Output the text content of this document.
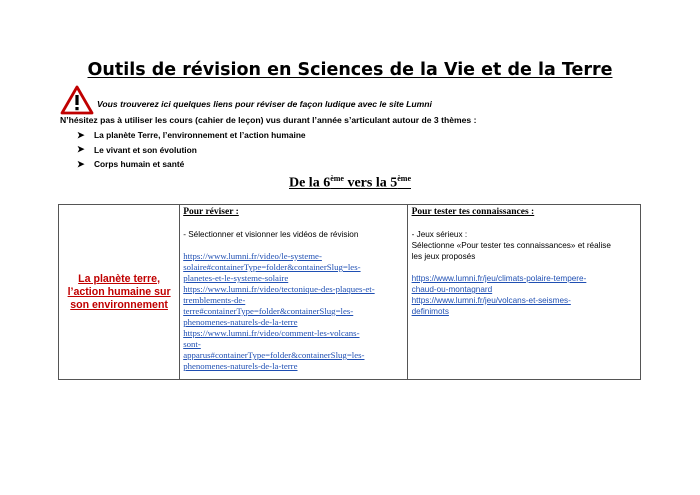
Outils de révision en Sciences de la Vie et de la Terre
Vous trouverez ici quelques liens pour réviser de façon ludique avec le site Lumni
N’hésitez pas à utiliser les cours (cahier de leçon) vus durant l’année s’articulant autour de 3 thèmes :
➤	La planète Terre, l’environnement et l’action humaine
➤	Le vivant et son évolution
➤	Corps humain et santé
De la 6ème vers la 5ème
La planète terre,
l’action humaine sur
son environnement

Pour réviser :
- Sélectionner et visionner les vidéos de révision
https://www.lumni.fr/video/le-systeme-
solaire#containerType=folder&containerSlug=les-
planetes-et-le-systeme-solaire
https://www.lumni.fr/video/tectonique-des-plaques-et-
tremblements-de-
terre#containerType=folder&containerSlug=les-
phenomenes-naturels-de-la-terre
https://www.lumni.fr/video/comment-les-volcans-
sont-
apparus#containerType=folder&containerSlug=les-
phenomenes-naturels-de-la-terre

Pour tester tes connaissances :
- Jeux sérieux :
Sélectionne «Pour tester tes connaissances» et réalise
les jeux proposés
https://www.lumni.fr/jeu/climats-polaire-tempere-
chaud-ou-montagnard
https://www.lumni.fr/jeu/volcans-et-seismes-
definimots
